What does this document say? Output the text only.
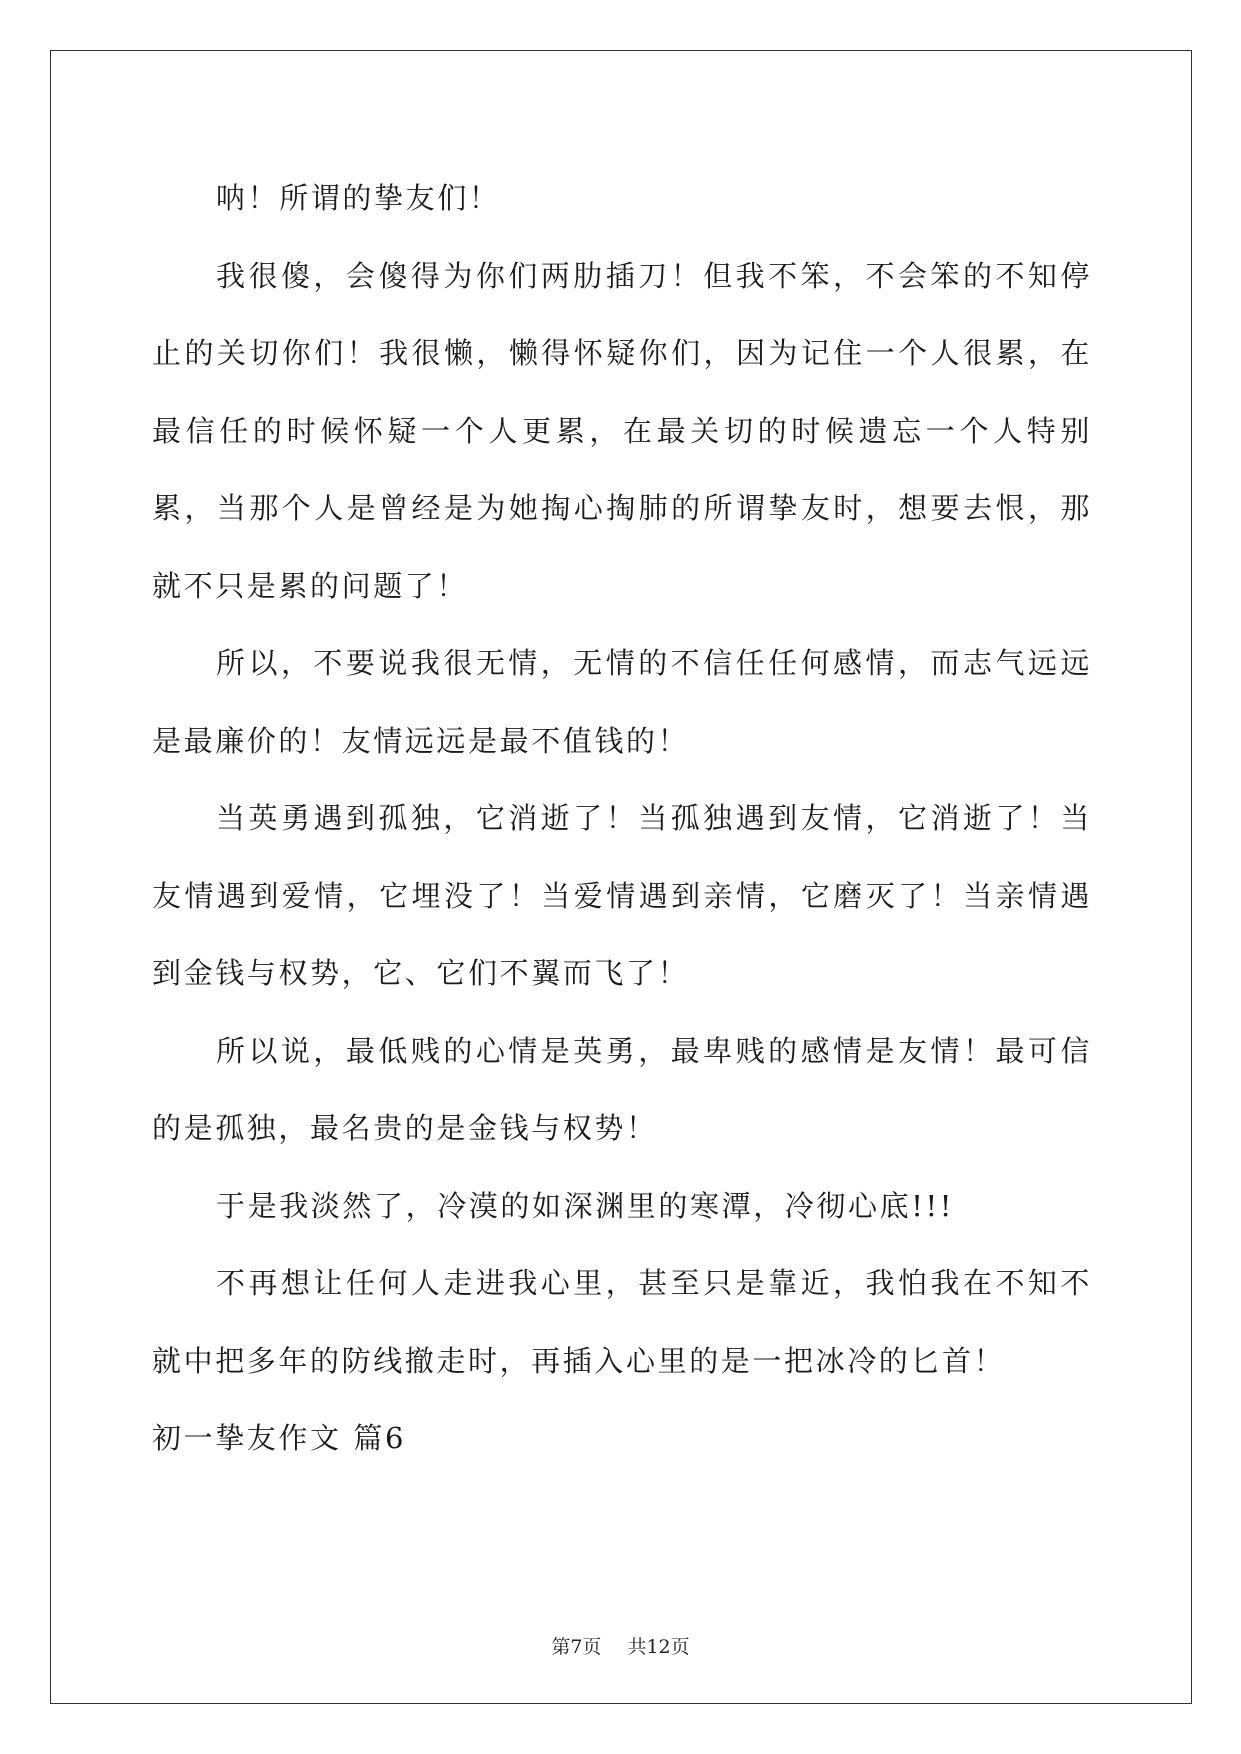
呐！所谓的挚友们！

我很傻，会傻得为你们两肋插刀！但我不笨，不会笨的不知停止的关切你们！我很懒，懒得怀疑你们，因为记住一个人很累，在最信任的时候怀疑一个人更累，在最关切的时候遗忘一个人特别累，当那个人是曾经是为她掏心掏肺的所谓挚友时，想要去恨，那就不只是累的问题了！

所以，不要说我很无情，无情的不信任任何感情，而志气远远是最廉价的！友情远远是最不值钱的！

当英勇遇到孤独，它消逝了！当孤独遇到友情，它消逝了！当友情遇到爱情，它埋没了！当爱情遇到亲情，它磨灭了！当亲情遇到金钱与权势，它、它们不翼而飞了！

所以说，最低贱的心情是英勇，最卑贱的感情是友情！最可信的是孤独，最名贵的是金钱与权势！

于是我淡然了，冷漠的如深渊里的寒潭，冷彻心底!!!

不再想让任何人走进我心里，甚至只是靠近，我怕我在不知不就中把多年的防线撤走时，再插入心里的是一把冰冷的匕首！

初一挚友作文 篇6

第7页 共12页
